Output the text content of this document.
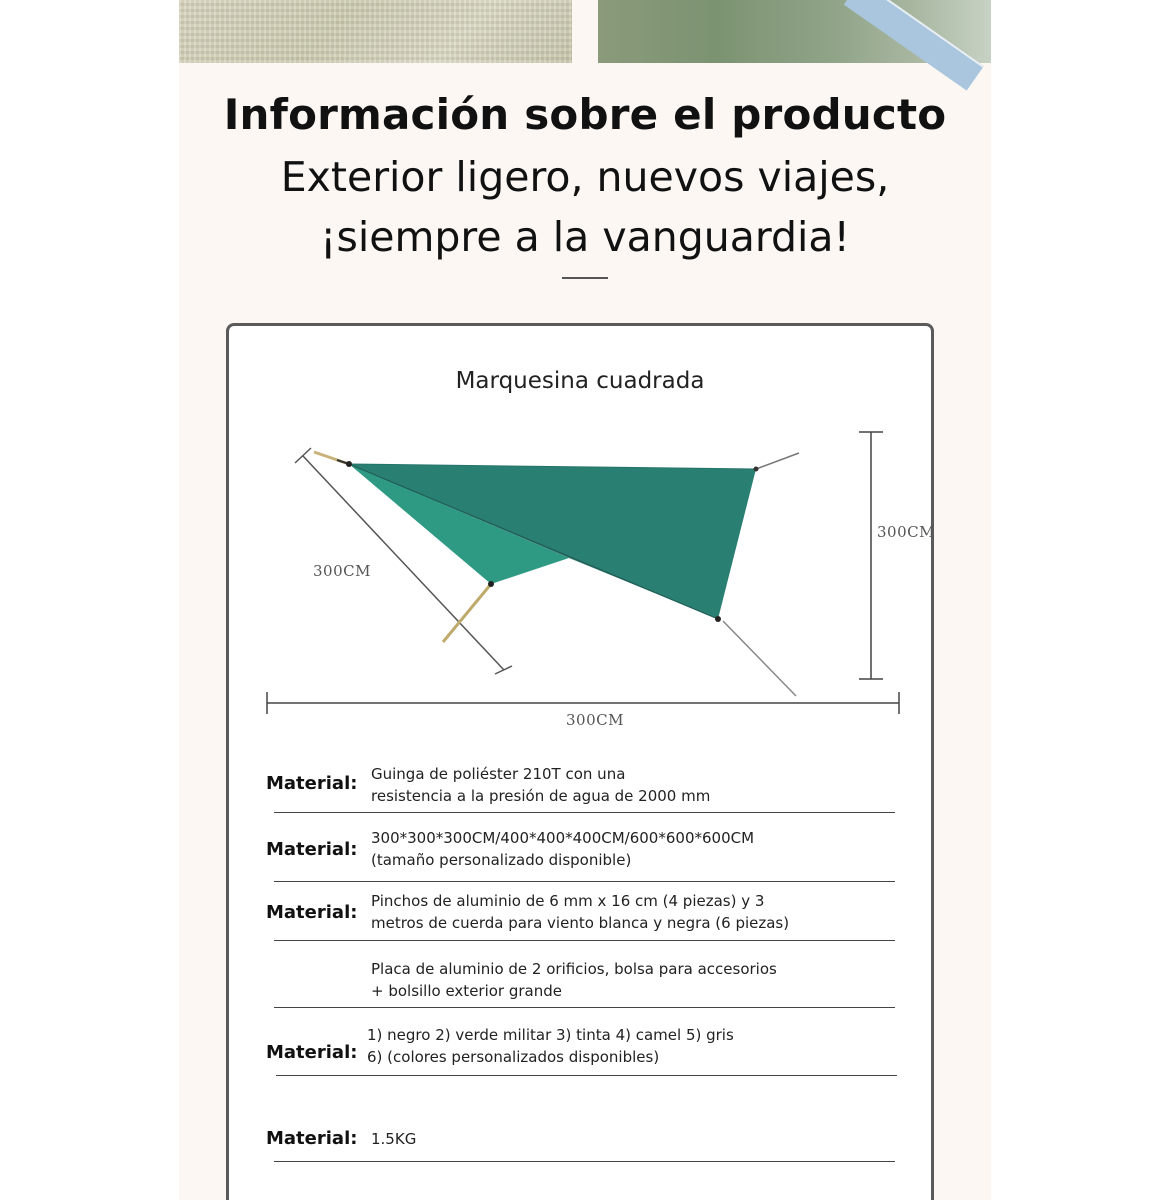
Información sobre el producto
Exterior ligero, nuevos viajes,
¡siempre a la vanguardia!
Marquesina cuadrada
300CM
300CM
300CM
Material: Guinga de poliéster 210T con una
resistencia a la presión de agua de 2000 mm
Material:
300*300*300CM/400*400*400CM/600*600*600CM
(tamaño personalizado disponible)
Material:
Pinchos de aluminio de 6 mm x 16 cm (4 piezas) y 3
metros de cuerda para viento blanca y negra (6 piezas)
Placa de aluminio de 2 orificios, bolsa para accesorios
+ bolsillo exterior grande
Material:
1) negro 2) verde militar 3) tinta 4) camel 5) gris
6) (colores personalizados disponibles)
Material: 1.5KG
